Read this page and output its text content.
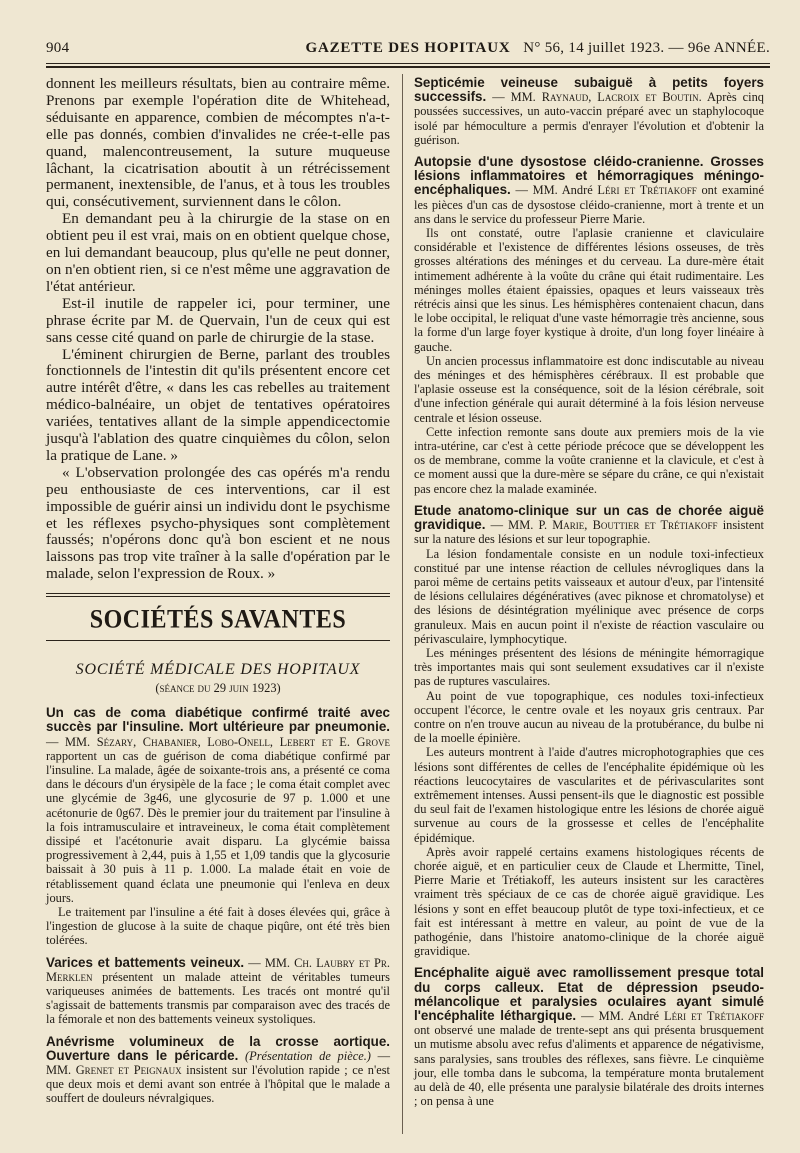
904	GAZETTE DES HOPITAUX N° 56, 14 juillet 1923. — 96e ANNÉE.

donnent les meilleurs résultats, bien au contraire même. Prenons par exemple l'opération dite de Whitehead, séduisante en apparence, combien de mécomptes n'a-t-elle pas donnés, combien d'invalides ne crée-t-elle pas quand, malencontreusement, la suture muqueuse lâchant, la cicatrisation aboutit à un rétrécissement permanent, inextensible, de l'anus, et à tous les troubles qui, consécutivement, surviennent dans le côlon.

En demandant peu à la chirurgie de la stase on en obtient peu il est vrai, mais on en obtient quelque chose, en lui demandant beaucoup, plus qu'elle ne peut donner, on n'en obtient rien, si ce n'est même une aggravation de l'état antérieur.

Est-il inutile de rappeler ici, pour terminer, une phrase écrite par M. de Quervain, l'un de ceux qui est sans cesse cité quand on parle de chirurgie de la stase.

L'éminent chirurgien de Berne, parlant des troubles fonctionnels de l'intestin dit qu'ils présentent encore cet autre intérêt d'être, « dans les cas rebelles au traitement médico-balnéaire, un objet de tentatives opératoires variées, tentatives allant de la simple appendicectomie jusqu'à l'ablation des quatre cinquièmes du côlon, selon la pratique de Lane. »

« L'observation prolongée des cas opérés m'a rendu peu enthousiaste de ces interventions, car il est impossible de guérir ainsi un individu dont le psychisme et les réflexes psycho-physiques sont complètement faussés; n'opérons donc qu'à bon escient et ne nous laissons pas trop vite traîner à la salle d'opération par le malade, selon l'expression de Roux. »

SOCIÉTÉS SAVANTES
SOCIÉTÉ MÉDICALE DES HOPITAUX
(séance du 29 juin 1923)

Un cas de coma diabétique confirmé traité avec succès par l'insuline. Mort ultérieure par pneumonie. — MM. Sézary, Chabanier, Lobo-Onell, Lebert et E. Grove rapportent un cas de guérison de coma diabétique confirmé par l'insuline. La malade, âgée de soixante-trois ans, a présenté ce coma dans le décours d'un érysipèle de la face ; le coma était complet avec une glycémie de 3g46, une glycosurie de 97 p. 1.000 et une acétonurie de 0g67. Dès le premier jour du traitement par l'insuline à la fois intramusculaire et intraveineux, le coma était complètement dissipé et l'acétonurie avait disparu. La glycémie baissa progressivement à 2,44, puis à 1,55 et 1,09 tandis que la glycosurie baissait à 30 puis à 11 p. 1.000. La malade était en voie de rétablissement quand éclata une pneumonie qui l'enleva en deux jours.

Le traitement par l'insuline a été fait à doses élevées qui, grâce à l'ingestion de glucose à la suite de chaque piqûre, ont été très bien tolérées.

Varices et battements veineux. — MM. Ch. Laubry et Pr. Merklen présentent un malade atteint de véritables tumeurs variqueuses animées de battements. Les tracés ont montré qu'il s'agissait de battements transmis par comparaison avec des tracés de la fémorale et non des battements veineux systoliques.

Anévrisme volumineux de la crosse aortique. Ouverture dans le péricarde. (Présentation de pièce.) — MM. Grenet et Peignaux insistent sur l'évolution rapide ; ce n'est que deux mois et demi avant son entrée à l'hôpital que le malade a souffert de douleurs névralgiques.

Septicémie veineuse subaiguë à petits foyers successifs. — MM. Raynaud, Lacroix et Boutin. Après cinq poussées successives, un auto-vaccin préparé avec un staphylocoque isolé par hémoculture a permis d'enrayer l'évolution et d'obtenir la guérison.

Autopsie d'une dysostose cléido-cranienne. Grosses lésions inflammatoires et hémorragiques méningo-encéphaliques. — MM. André Léri et Trétiakoff ont examiné les pièces d'un cas de dysostose cléido-cranienne, mort à trente et un ans dans le service du professeur Pierre Marie.

Ils ont constaté, outre l'aplasie cranienne et claviculaire considérable et l'existence de différentes lésions osseuses, de très grosses altérations des méninges et du cerveau. La dure-mère était intimement adhérente à la voûte du crâne qui était rudimentaire. Les méninges molles étaient épaissies, opaques et leurs vaisseaux très rétrécis ainsi que les sinus. Les hémisphères contenaient chacun, dans le lobe occipital, le reliquat d'une vaste hémorragie très ancienne, sous la forme d'un large foyer kystique à droite, d'un long foyer linéaire à gauche.

Un ancien processus inflammatoire est donc indiscutable au niveau des méninges et des hémisphères cérébraux. Il est probable que l'aplasie osseuse est la conséquence, soit de la lésion cérébrale, soit d'une infection générale qui aurait déterminé à la fois lésion nerveuse centrale et lésion osseuse.

Cette infection remonte sans doute aux premiers mois de la vie intra-utérine, car c'est à cette période précoce que se développent les os de membrane, comme la voûte cranienne et la clavicule, et c'est à ce moment aussi que la dure-mère se sépare du crâne, ce qui n'existait pas encore chez la malade examinée.

Etude anatomo-clinique sur un cas de chorée aiguë gravidique. — MM. P. Marie, Bouttier et Trétiakoff insistent sur la nature des lésions et sur leur topographie.

La lésion fondamentale consiste en un nodule toxi-infectieux constitué par une intense réaction de cellules névrogliques dans la paroi même de certains petits vaisseaux et autour d'eux, par l'intensité de lésions cellulaires dégénératives (avec piknose et chromatolyse) et des lésions de désintégration myélinique avec présence de corps granuleux. Mais en aucun point il n'existe de réaction vasculaire ou périvasculaire, lymphocytique.

Les méninges présentent des lésions de méningite hémorragique très importantes mais qui sont seulement exsudatives car il n'existe pas de ruptures vasculaires.

Au point de vue topographique, ces nodules toxi-infectieux occupent l'écorce, le centre ovale et les noyaux gris centraux. Par contre on n'en trouve aucun au niveau de la protubérance, du bulbe ni de la moelle épinière.

Les auteurs montrent à l'aide d'autres microphotographies que ces lésions sont différentes de celles de l'encéphalite épidémique où les réactions leucocytaires de vascularites et de périvascularites sont extrêmement intenses. Aussi pensent-ils que le diagnostic est possible du seul fait de l'examen histologique entre les lésions de chorée aiguë survenue au cours de la grossesse et celles de l'encéphalite épidémique.

Après avoir rappelé certains examens histologiques récents de chorée aiguë, et en particulier ceux de Claude et Lhermitte, Tinel, Pierre Marie et Trétiakoff, les auteurs insistent sur les caractères vraiment très spéciaux de ce cas de chorée aiguë gravidique. Les lésions y sont en effet beaucoup plutôt de type toxi-infectieux, et ce fait est intéressant à mettre en valeur, au point de vue de la pathogénie, dans l'histoire anatomo-clinique de la chorée aiguë gravidique.

Encéphalite aiguë avec ramollissement presque total du corps calleux. Etat de dépression pseudo-mélancolique et paralysies oculaires ayant simulé l'encéphalite léthargique. — MM. André Léri et Trétiakoff ont observé une malade de trente-sept ans qui présenta brusquement un mutisme absolu avec refus d'aliments et apparence de négativisme, sans paralysies, sans troubles des réflexes, sans fièvre. Le cinquième jour, elle tomba dans le subcoma, la température monta brutalement au delà de 40, elle présenta une paralysie bilatérale des droits internes ; on pensa à une
